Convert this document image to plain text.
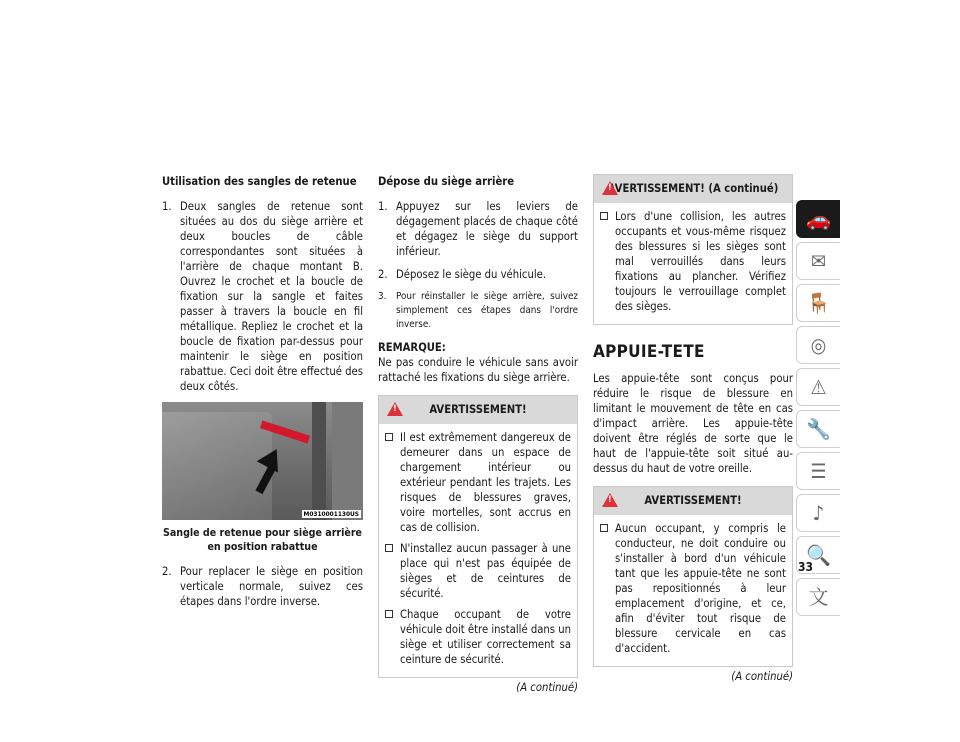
Utilisation des sangles de retenue
1. Deux sangles de retenue sont situées au dos du siège arrière et deux boucles de câble correspondantes sont situées à l'arrière de chaque montant B. Ouvrez le crochet et la boucle de fixation sur la sangle et faites passer à travers la boucle en fil métallique. Repliez le crochet et la boucle de fixation par-dessus pour maintenir le siège en position rabattue. Ceci doit être effectué des deux côtés.
M0310001130US
Sangle de retenue pour siège arrière en position rabattue
2. Pour replacer le siège en position verticale normale, suivez ces étapes dans l'ordre inverse.
Dépose du siège arrière
1. Appuyez sur les leviers de dégagement placés de chaque côté et dégagez le siège du support inférieur.
2. Déposez le siège du véhicule.
3. Pour réinstaller le siège arrière, suivez simplement ces étapes dans l'ordre inverse.
REMARQUE:
Ne pas conduire le véhicule sans avoir rattaché les fixations du siège arrière.
!
AVERTISSEMENT!
Il est extrêmement dangereux de demeurer dans un espace de chargement intérieur ou extérieur pendant les trajets. Les risques de blessures graves, voire mortelles, sont accrus en cas de collision.
N'installez aucun passager à une place qui n'est pas équipée de sièges et de ceintures de sécurité.
Chaque occupant de votre véhicule doit être installé dans un siège et utiliser correctement sa ceinture de sécurité.
(A continué)
!
AVERTISSEMENT! (A continué)
Lors d'une collision, les autres occupants et vous-même risquez des blessures si les sièges sont mal verrouillés dans leurs fixations au plancher. Vérifiez toujours le verrouillage complet des sièges.
APPUIE-TETE
Les appuie-tête sont conçus pour réduire le risque de blessure en limitant le mouvement de tête en cas d'impact arrière. Les appuie-tête doivent être réglés de sorte que le haut de l'appuie-tête soit situé au-dessus du haut de votre oreille.
!
AVERTISSEMENT!
Aucun occupant, y compris le conducteur, ne doit conduire ou s'installer à bord d'un véhicule tant que les appuie-tête ne sont pas repositionnés à leur emplacement d'origine, et ce, afin d'éviter tout risque de blessure cervicale en cas d'accident.
(A continué)
🚗
✉
🪑
◎
⚠
🔧
☰
♪
🔍
文
33
